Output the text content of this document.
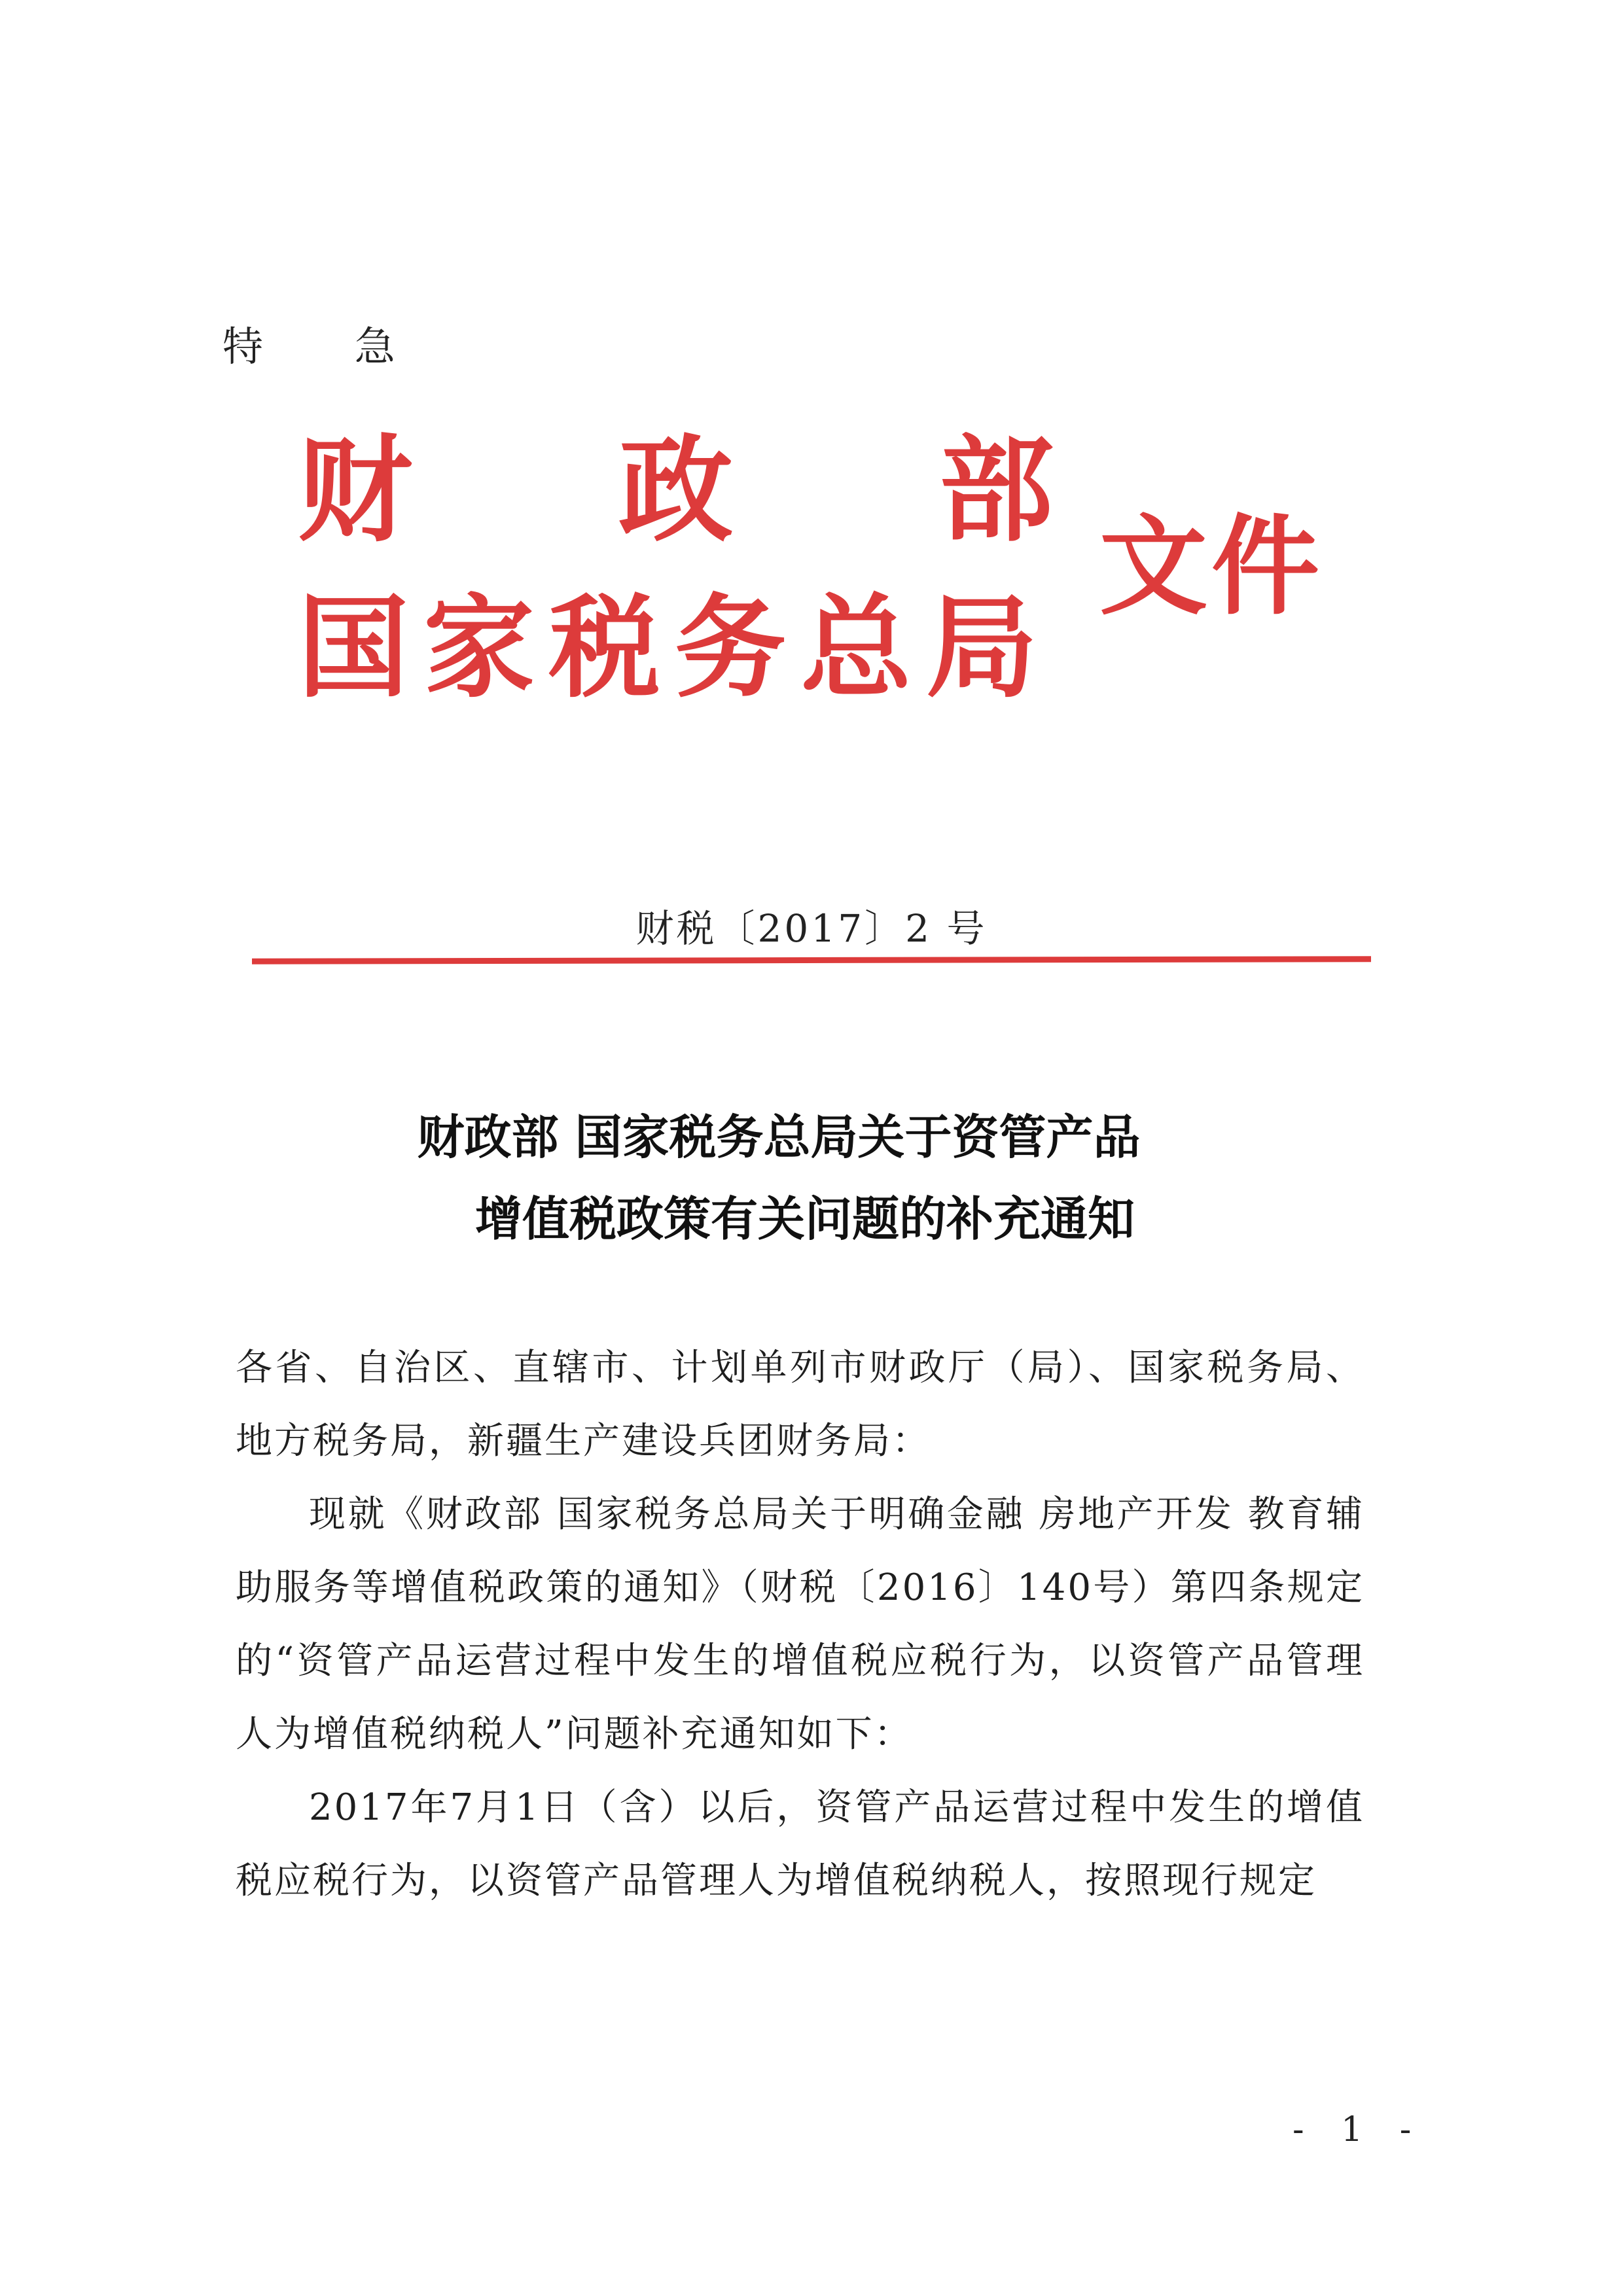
特 急
财 政 部
国家税务总局
文件
财税〔2017〕2 号
财政部 国家税务总局关于资管产品
增值税政策有关问题的补充通知

各省、自治区、直辖市、计划单列市财政厅（局）、国家税务局、地方税务局，新疆生产建设兵团财务局：

现就《财政部 国家税务总局关于明确金融 房地产开发 教育辅助服务等增值税政策的通知》（财税〔2016〕140号）第四条规定的“资管产品运营过程中发生的增值税应税行为，以资管产品管理人为增值税纳税人”问题补充通知如下：

2017年7月1日（含）以后，资管产品运营过程中发生的增值税应税行为，以资管产品管理人为增值税纳税人，按照现行规定

- 1 -
